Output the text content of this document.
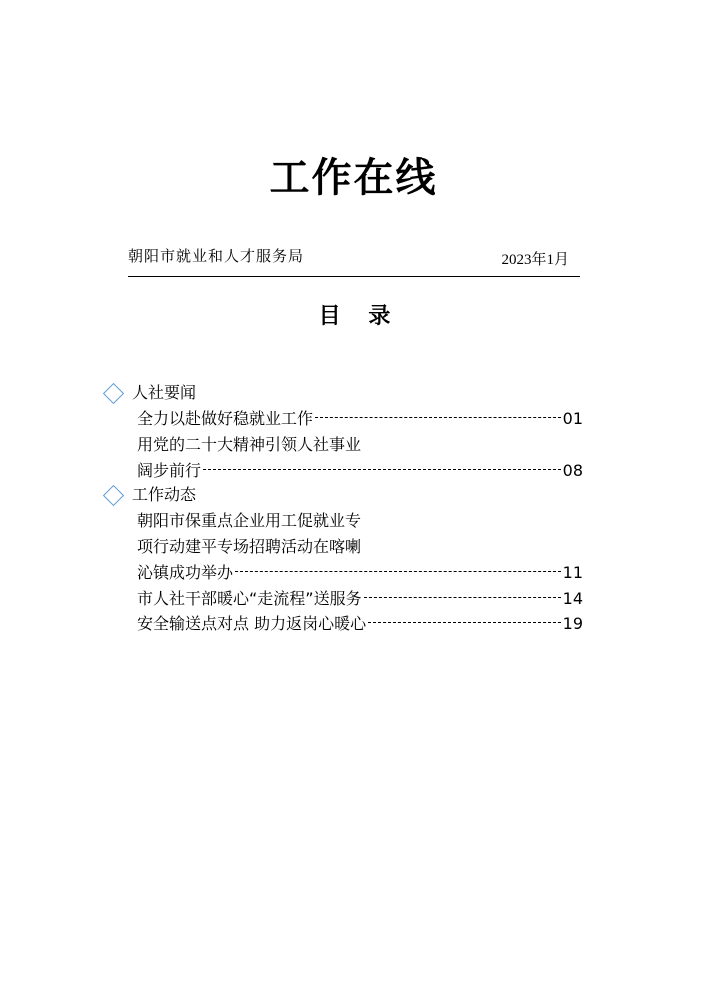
工作在线
朝阳市就业和人才服务局	2023年1月
目 录
人社要闻
全力以赴做好稳就业工作	01
用党的二十大精神引领人社事业
阔步前行	08
工作动态
朝阳市保重点企业用工促就业专
项行动建平专场招聘活动在喀喇
沁镇成功举办	11
市人社干部暖心“走流程”送服务	14
安全输送点对点 助力返岗心暖心	19
